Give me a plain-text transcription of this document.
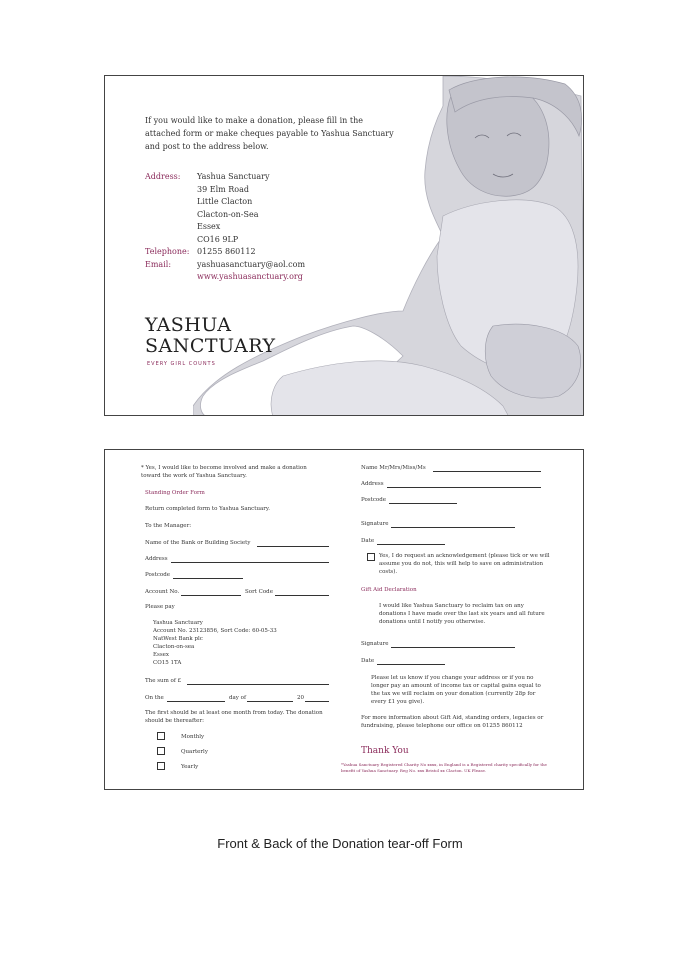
If you would like to make a donation, please fill in the attached form or make cheques payable to Yashua Sanctuary and post to the address below.
Address:	Yashua Sanctuary
39 Elm Road
Little Clacton
Clacton-on-Sea
Essex
CO16 9LP
Telephone: 01255 860112
Email:	yashuasanctuary@aol.com
www.yashuasanctuary.org
YASHUA
SANCTUARY
EVERY GIRL COUNTS
* Yes, I would like to become involved and make a donation toward the work of Yashua Sanctuary.
Standing Order Form
Return completed form to Yashua Sanctuary.
To the Manager:
Name of the Bank or Building Society
Address
Postcode
Account No.	Sort Code
Please pay
Yashua Sanctuary
Account No. 23123856, Sort Code: 60-05-33
NatWest Bank plc
Clacton-on-sea
Essex
CO15 1TA
The sum of £
On the	day of	20
The first should be at least one month from today. The donation should be thereafter:
Monthly
Quarterly
Yearly
Name Mr/Mrs/Miss/Ms
Address
Postcode
Signature
Date
Yes, I do request an acknowledgement (please tick or we will assume you do not, this will help to save on administration costs).
Gift Aid Declaration
I would like Yashua Sanctuary to reclaim tax on any donations I have made over the last six years and all future donations until I notify you otherwise.
Signature
Date
Please let us know if you change your address or if you no longer pay an amount of income tax or capital gains equal to the tax we will reclaim on your donation (currently 28p for every £1 you give).
For more information about Gift Aid, standing orders, legacies or fundraising, please telephone our office on 01255 860112
Thank You
*Yashua Sanctuary Registered Charity No xxxx, in England is a Registered charity specifically for the benefit of Yashua Sanctuary. Reg No. xxx Bristol xx Clacton. UK Please.
Front & Back of the Donation tear-off Form
